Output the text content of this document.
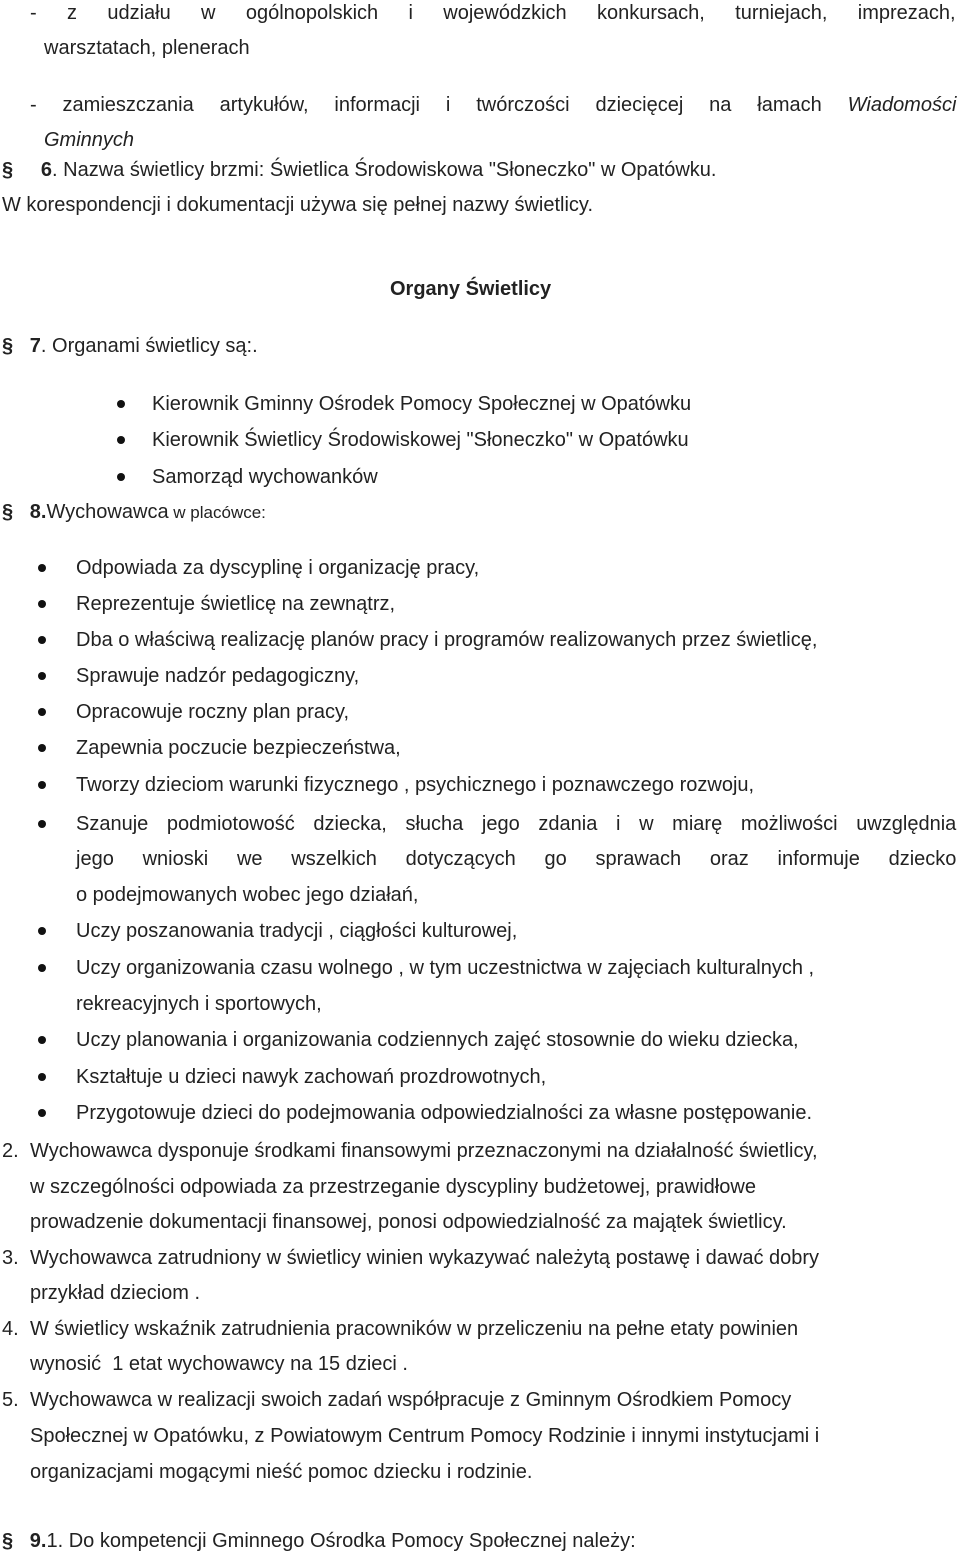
- z udziału w ogólnopolskich i wojewódzkich konkursach, turniejach, imprezach,
warsztatach, plenerach
- zamieszczania artykułów, informacji i twórczości dziecięcej na łamach Wiadomości
Gminnych
§ 6. Nazwa świetlicy brzmi: Świetlica Środowiskowa "Słoneczko" w Opatówku.
W korespondencji i dokumentacji używa się pełnej nazwy świetlicy.
Organy Świetlicy
§ 7. Organami świetlicy są:.
Kierownik Gminny Ośrodek Pomocy Społecznej w Opatówku
Kierownik Świetlicy Środowiskowej "Słoneczko" w Opatówku
Samorząd wychowanków
§ 8.Wychowawca w placówce:
Odpowiada za dyscyplinę i organizację pracy,
Reprezentuje świetlicę na zewnątrz,
Dba o właściwą realizację planów pracy i programów realizowanych przez świetlicę,
Sprawuje nadzór pedagogiczny,
Opracowuje roczny plan pracy,
Zapewnia poczucie bezpieczeństwa,
Tworzy dzieciom warunki fizycznego , psychicznego i poznawczego rozwoju,
Szanuje podmiotowość dziecka, słucha jego zdania i w miarę możliwości uwzględnia
jego wnioski we wszelkich dotyczących go sprawach oraz informuje dziecko
o podejmowanych wobec jego działań,
Uczy poszanowania tradycji , ciągłości kulturowej,
Uczy organizowania czasu wolnego , w tym uczestnictwa w zajęciach kulturalnych ,
rekreacyjnych i sportowych,
Uczy planowania i organizowania codziennych zajęć stosownie do wieku dziecka,
Kształtuje u dzieci nawyk zachowań prozdrowotnych,
Przygotowuje dzieci do podejmowania odpowiedzialności za własne postępowanie.
2. Wychowawca dysponuje środkami finansowymi przeznaczonymi na działalność świetlicy,
w szczególności odpowiada za przestrzeganie dyscypliny budżetowej, prawidłowe
prowadzenie dokumentacji finansowej, ponosi odpowiedzialność za majątek świetlicy.
3. Wychowawca zatrudniony w świetlicy winien wykazywać należytą postawę i dawać dobry
przykład dzieciom .
4. W świetlicy wskaźnik zatrudnienia pracowników w przeliczeniu na pełne etaty powinien
wynosić  1 etat wychowawcy na 15 dzieci .
5. Wychowawca w realizacji swoich zadań współpracuje z Gminnym Ośrodkiem Pomocy
Społecznej w Opatówku, z Powiatowym Centrum Pomocy Rodzinie i innymi instytucjami i
organizacjami mogącymi nieść pomoc dziecku i rodzinie.
§ 9.1. Do kompetencji Gminnego Ośrodka Pomocy Społecznej należy:
